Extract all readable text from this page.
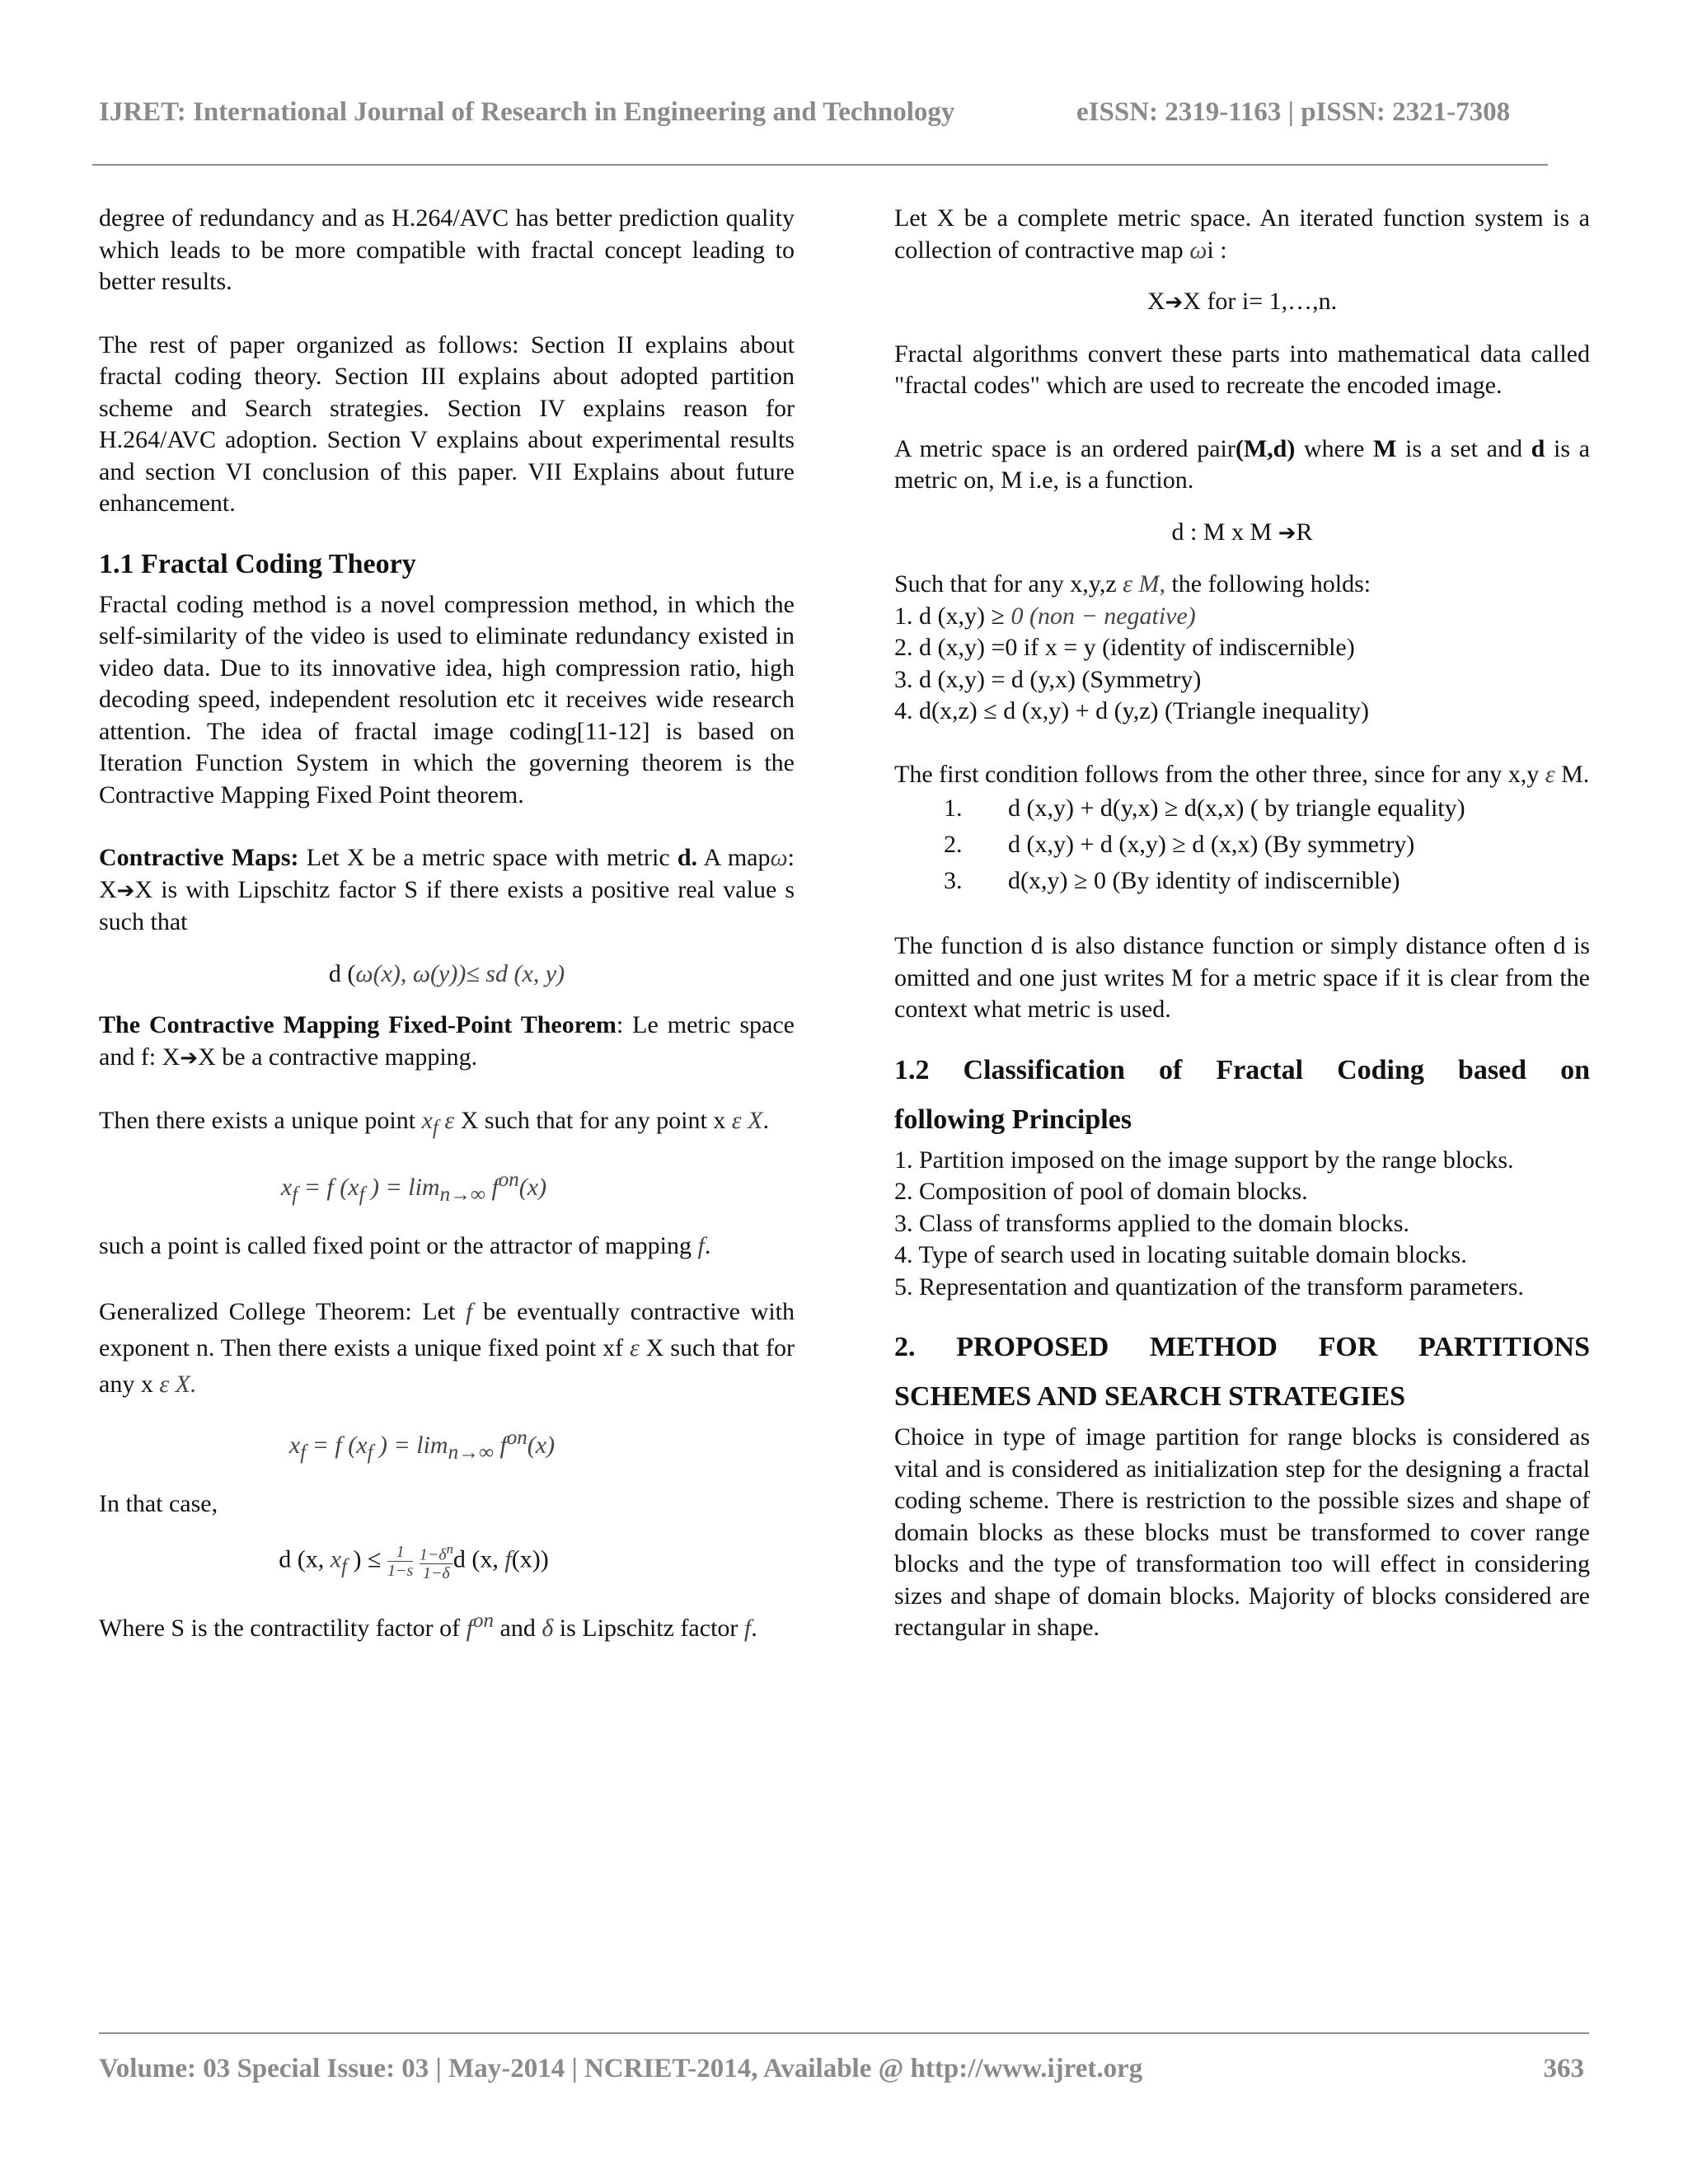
IJRET: International Journal of Research in Engineering and Technology	eISSN: 2319-1163 | pISSN: 2321-7308

degree of redundancy and as H.264/AVC has better prediction quality which leads to be more compatible with fractal concept leading to better results.

The rest of paper organized as follows: Section II explains about fractal coding theory. Section III explains about adopted partition scheme and Search strategies. Section IV explains reason for H.264/AVC adoption. Section V explains about experimental results and section VI conclusion of this paper. VII Explains about future enhancement.

1.1 Fractal Coding Theory

Fractal coding method is a novel compression method, in which the self-similarity of the video is used to eliminate redundancy existed in video data. Due to its innovative idea, high compression ratio, high decoding speed, independent resolution etc it receives wide research attention. The idea of fractal image coding[11-12] is based on Iteration Function System in which the governing theorem is the Contractive Mapping Fixed Point theorem.

Contractive Maps: Let X be a metric space with metric d. A mapω: X➔X is with Lipschitz factor S if there exists a positive real value s such that

d (ω(x), ω(y))≤ sd (x, y)

The Contractive Mapping Fixed-Point Theorem: Le metric space and f: X➔X be a contractive mapping.

Then there exists a unique point $x_f$ ε X such that for any point x ε X.

$x_f = f$ ($x_f$ ) = $\lim_{n\to\infty} f^{on}(x)$

such a point is called fixed point or the attractor of mapping f.

Generalized College Theorem: Let f be eventually contractive with exponent n. Then there exists a unique fixed point xf ε X such that for any x ε X.

$x_f = f$ ($x_f$ ) = $\lim_{n\to\infty} f^{on}(x)$

In that case,

d (x, $x_f$ ) ≤ $\frac{1}{1-s}$
$\frac{1-\delta^n}{1-\delta}$ d (x, f(x))

Where S is the contractility factor of $f^{on}$ and δ is Lipschitz factor f.

Let X be a complete metric space. An iterated function system is a collection of contractive map ωi :

X➔X for i= 1,…,n.

Fractal algorithms convert these parts into mathematical data called "fractal codes" which are used to recreate the encoded image.

A metric space is an ordered pair(M,d) where M is a set and d is a metric on, M i.e, is a function.

d : M x M ➔R

Such that for any x,y,z ε M, the following holds:

1. d (x,y) ≥ 0 (non − negative)

2. d (x,y) =0 if x = y (identity of indiscernible)

3. d (x,y) = d (y,x) (Symmetry)

4. d(x,z) ≤ d (x,y) + d (y,z) (Triangle inequality)

The first condition follows from the other three, since for any x,y ε M.

1. d (x,y) + d(y,x) ≥ d(x,x) ( by triangle equality)
2. d (x,y) + d (x,y) ≥ d (x,x) (By symmetry)
3. d(x,y) ≥ 0 (By identity of indiscernible)

The function d is also distance function or simply distance often d is omitted and one just writes M for a metric space if it is clear from the context what metric is used.

1.2 Classification of Fractal Coding based on
following Principles

1. Partition imposed on the image support by the range blocks.

2. Composition of pool of domain blocks.

3. Class of transforms applied to the domain blocks.

4. Type of search used in locating suitable domain blocks.

5. Representation and quantization of the transform parameters.

2. PROPOSED METHOD FOR PARTITIONS
SCHEMES AND SEARCH STRATEGIES

Choice in type of image partition for range blocks is considered as vital and is considered as initialization step for the designing a fractal coding scheme. There is restriction to the possible sizes and shape of domain blocks as these blocks must be transformed to cover range blocks and the type of transformation too will effect in considering sizes and shape of domain blocks. Majority of blocks considered are rectangular in shape.

Volume: 03 Special Issue: 03 | May-2014 | NCRIET-2014, Available @ http://www.ijret.org	363
